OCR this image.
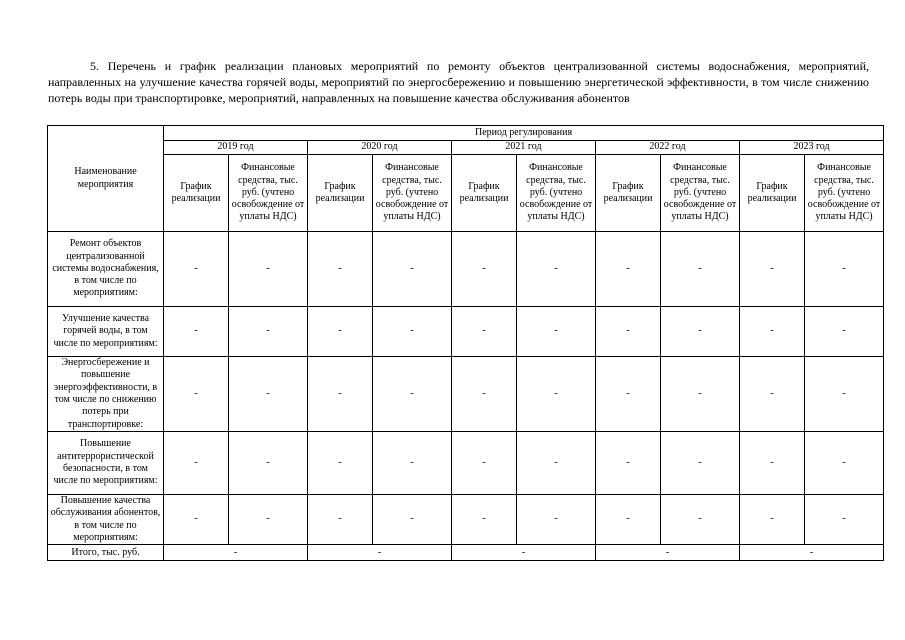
5. Перечень и график реализации плановых мероприятий по ремонту объектов централизованной системы водоснабжения, мероприятий, направленных на улучшение качества горячей воды, мероприятий по энергосбережению и повышению энергетической эффективности, в том числе снижению потерь воды при транспортировке, мероприятий, направленных на повышение качества обслуживания абонентов
Наименование мероприятия	Период регулирования									
	2019 год		2020 год		2021 год		2022 год		2023 год	
	График реализации	Финансовые средства, тыс. руб. (учтено освобождение от уплаты НДС)	График реализации	Финансовые средства, тыс. руб. (учтено освобождение от уплаты НДС)	График реализации	Финансовые средства, тыс. руб. (учтено освобождение от уплаты НДС)	График реализации	Финансовые средства, тыс. руб. (учтено освобождение от уплаты НДС)	График реализации	Финансовые средства, тыс. руб. (учтено освобождение от уплаты НДС)
Ремонт объектов централизованной системы водоснабжения, в том числе по мероприятиям:	-	-	-	-	-	-	-	-	-	-
Улучшение качества горячей воды, в том числе по мероприятиям:	-	-	-	-	-	-	-	-	-	-
Энергосбережение и повышение энергоэффективности, в том числе по снижению потерь при транспортировке:	-	-	-	-	-	-	-	-	-	-
Повышение антитеррористической безопасности, в том числе по мероприятиям:	-	-	-	-	-	-	-	-	-	-
Повышение качества обслуживания абонентов, в том числе по мероприятиям:	-	-	-	-	-	-	-	-	-	-
Итого, тыс. руб.	-		-		-		-		-	
